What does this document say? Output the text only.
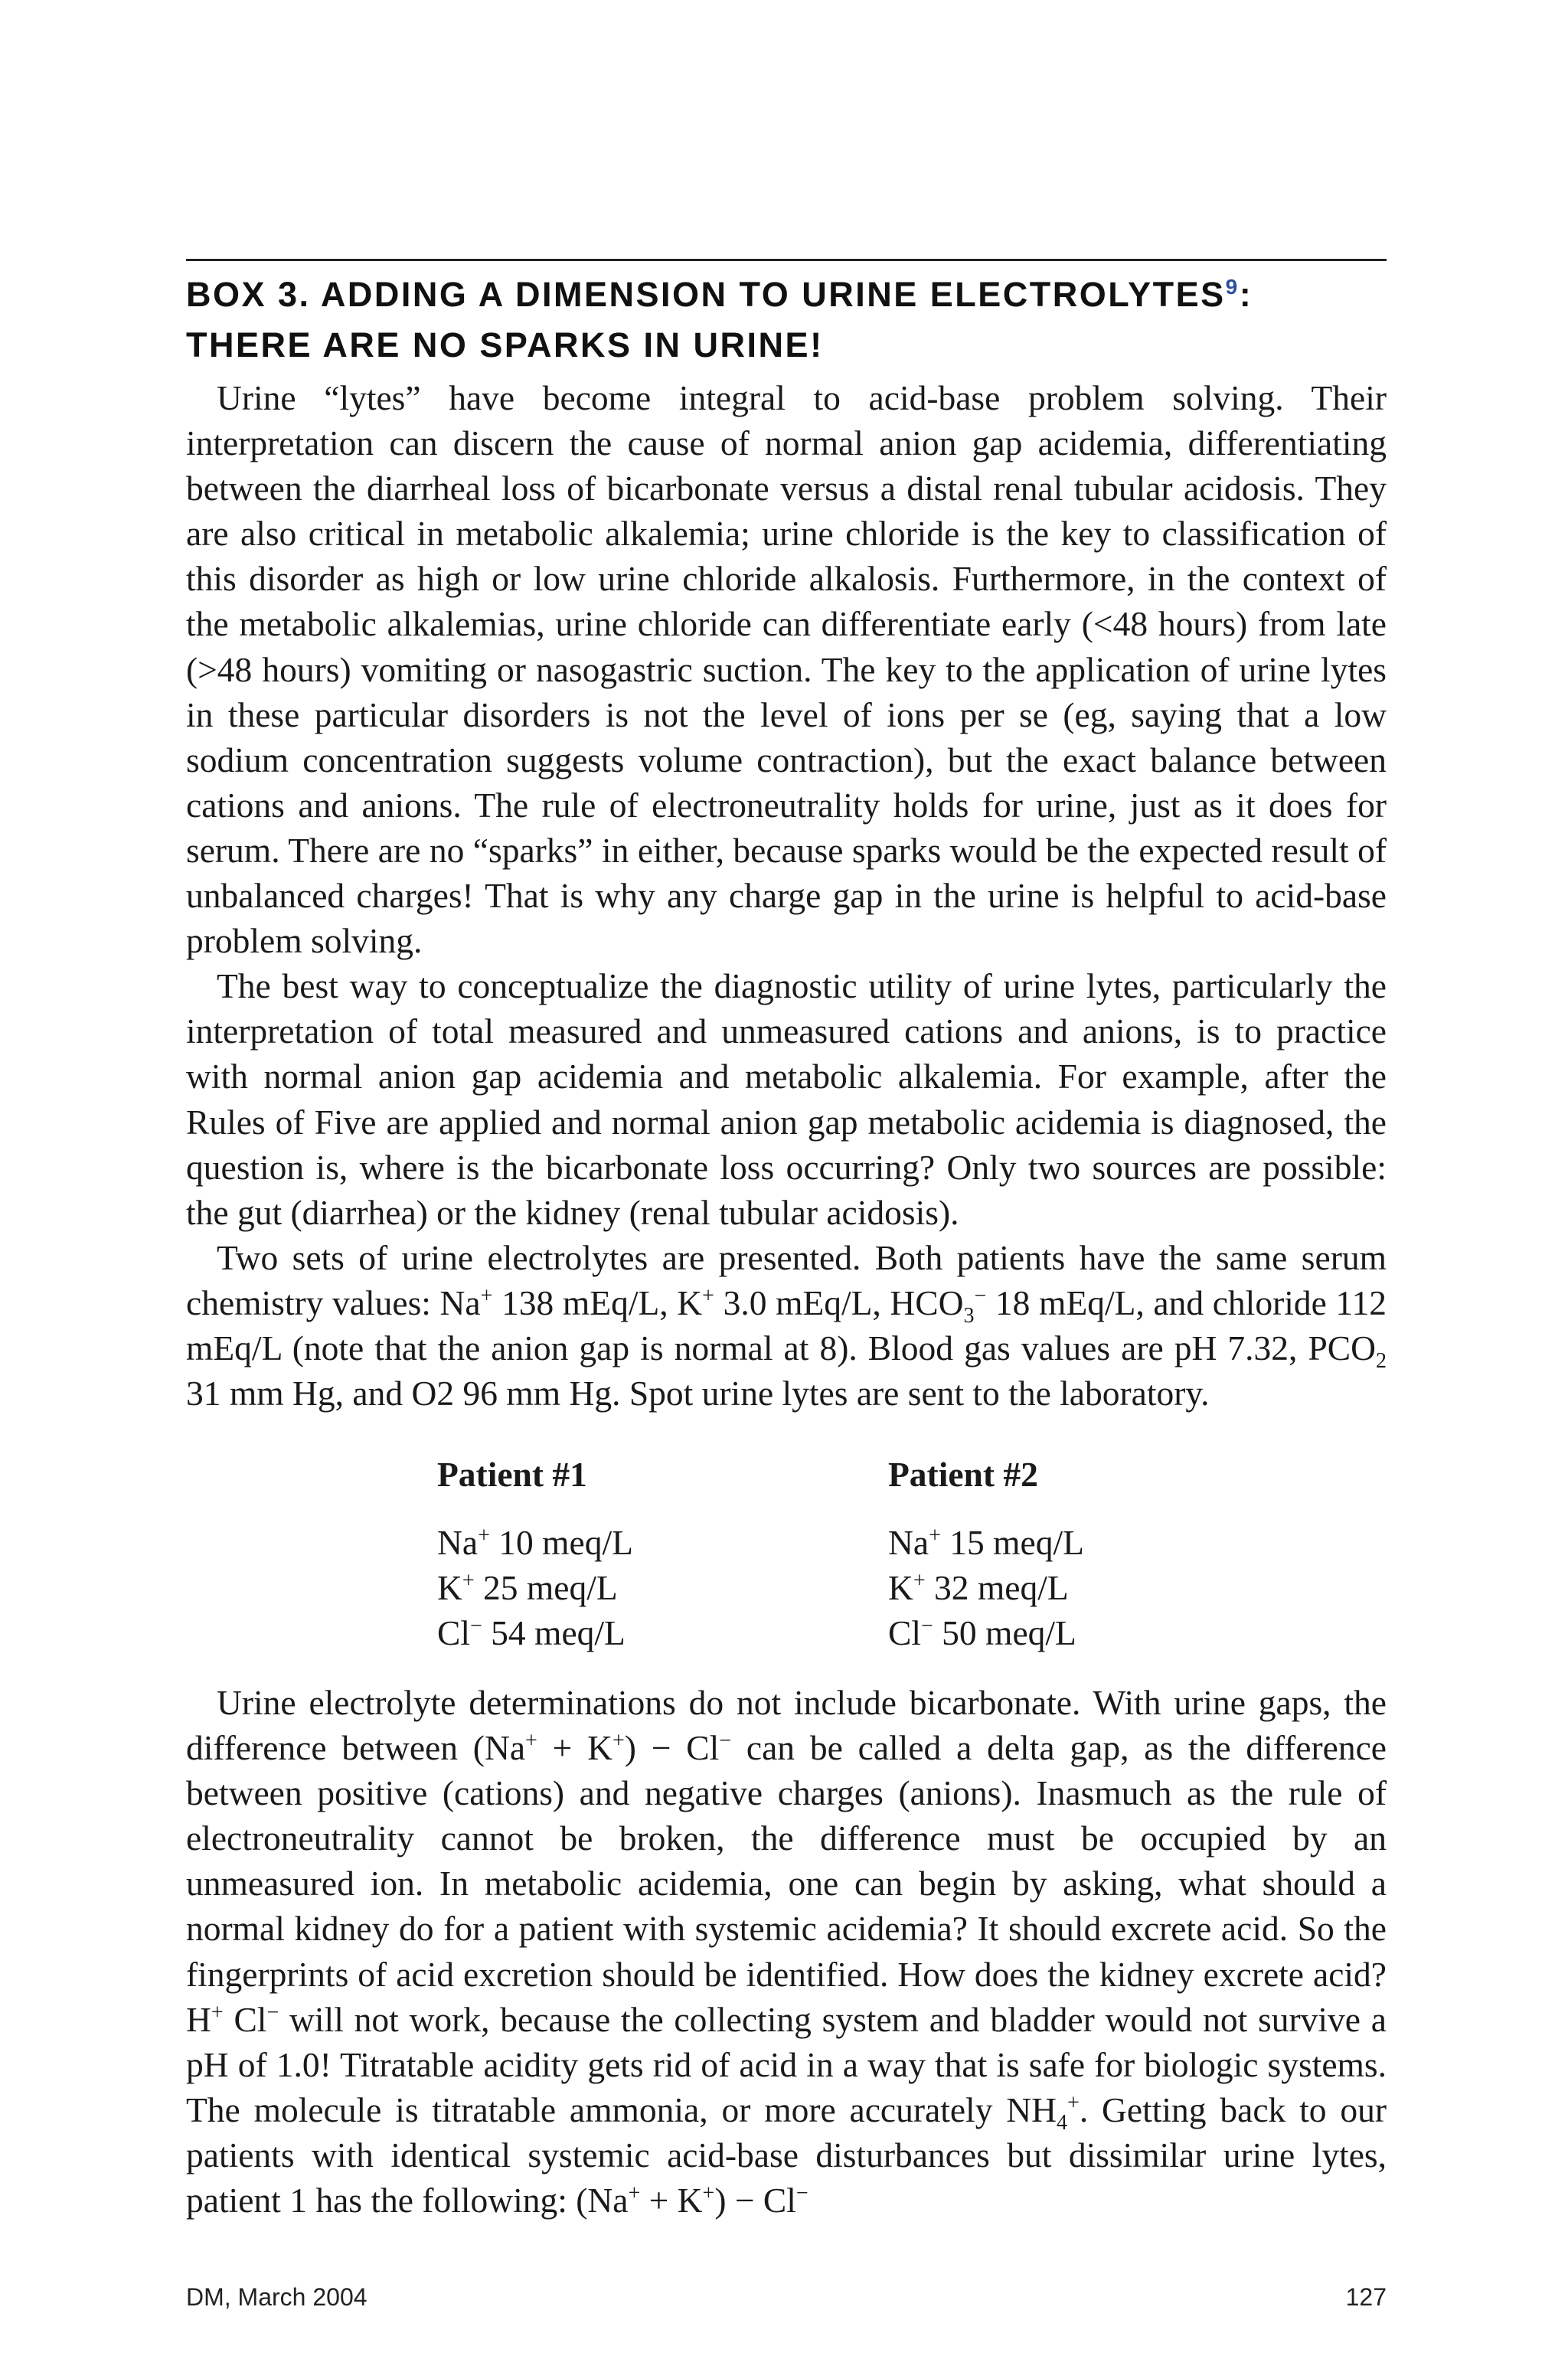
BOX 3. ADDING A DIMENSION TO URINE ELECTROLYTES$^9$:
THERE ARE NO SPARKS IN URINE!

Urine “lytes” have become integral to acid-base problem solving. Their interpretation can discern the cause of normal anion gap acidemia, differentiating between the diarrheal loss of bicarbonate versus a distal renal tubular acidosis. They are also critical in metabolic alkalemia; urine chloride is the key to classification of this disorder as high or low urine chloride alkalosis. Furthermore, in the context of the metabolic alkalemias, urine chloride can differentiate early (<48 hours) from late (>48 hours) vomiting or nasogastric suction. The key to the application of urine lytes in these particular disorders is not the level of ions per se (eg, saying that a low sodium concentration suggests volume contraction), but the exact balance between cations and anions. The rule of electroneutrality holds for urine, just as it does for serum. There are no “sparks” in either, because sparks would be the expected result of unbalanced charges! That is why any charge gap in the urine is helpful to acid-base problem solving.

The best way to conceptualize the diagnostic utility of urine lytes, particularly the interpretation of total measured and unmeasured cations and anions, is to practice with normal anion gap acidemia and metabolic alkalemia. For example, after the Rules of Five are applied and normal anion gap metabolic acidemia is diagnosed, the question is, where is the bicarbonate loss occurring? Only two sources are possible: the gut (diarrhea) or the kidney (renal tubular acidosis).

Two sets of urine electrolytes are presented. Both patients have the same serum chemistry values: Na+ 138 mEq/L, K+ 3.0 mEq/L, $HCO_3^-$ 18 mEq/L, and chloride 112 mEq/L (note that the anion gap is normal at 8). Blood gas values are pH 7.32, $PCO_2$ 31 mm Hg, and O2 96 mm Hg. Spot urine lytes are sent to the laboratory.

Patient #1
Na+ 10 meq/L
K+ 25 meq/L
Cl− 54 meq/L
Patient #2
Na+ 15 meq/L
K+ 32 meq/L
Cl− 50 meq/L

Urine electrolyte determinations do not include bicarbonate. With urine gaps, the difference between (Na+ + K+) − Cl− can be called a delta gap, as the difference between positive (cations) and negative charges (anions). Inasmuch as the rule of electroneutrality cannot be broken, the difference must be occupied by an unmeasured ion. In metabolic acidemia, one can begin by asking, what should a normal kidney do for a patient with systemic acidemia? It should excrete acid. So the fingerprints of acid excretion should be identified. How does the kidney excrete acid? H+ Cl− will not work, because the collecting system and bladder would not survive a pH of 1.0! Titratable acidity gets rid of acid in a way that is safe for biologic systems. The molecule is titratable ammonia, or more accurately $NH_4^+$. Getting back to our patients with identical systemic acid-base disturbances but dissimilar urine lytes, patient 1 has the following: (Na+ + K+) − Cl−

DM, March 2004	127
